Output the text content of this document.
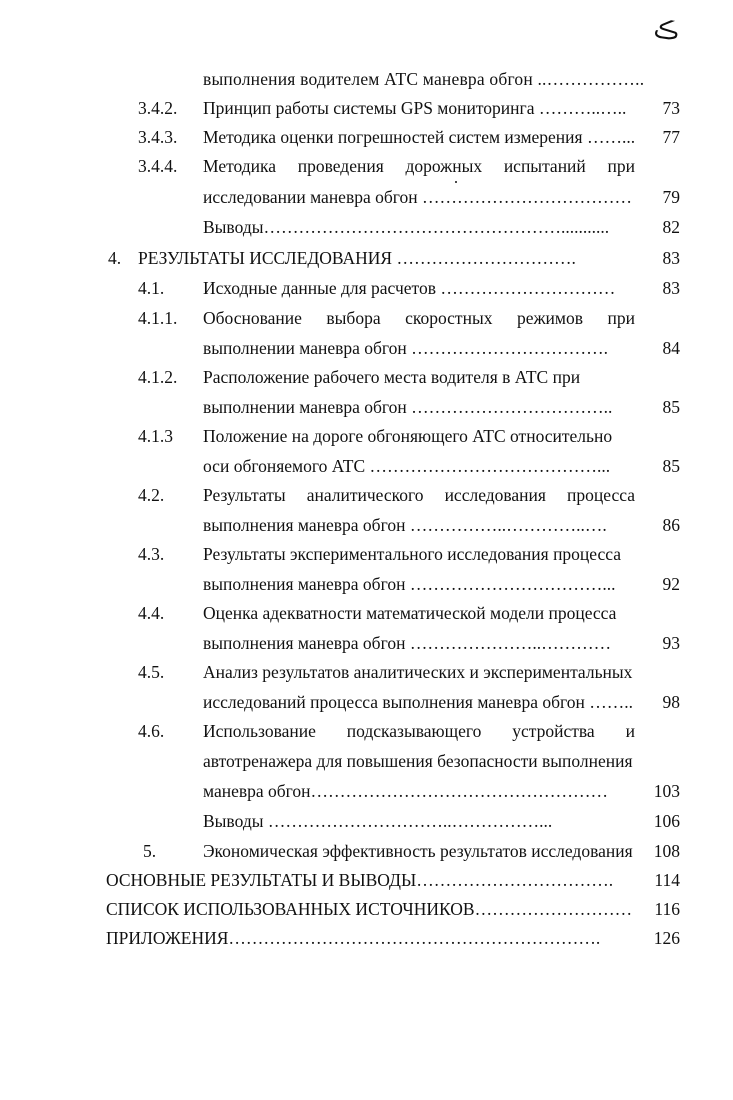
ڪ
выполнения водителем АТС маневра обгон ..……………..
3.4.2. Принцип работы системы GPS мониторинга ………..…..	73
3.4.3. Методика оценки погрешностей систем измерения ……...	77
3.4.4. Методика проведения дорожных испытаний при
исследовании маневра обгон ………………………………	79
Выводы……………………………………………...........	82
4. РЕЗУЛЬТАТЫ ИССЛЕДОВАНИЯ ………………………….	83
4.1. Исходные данные для расчетов …………………………	83
4.1.1. Обоснование выбора скоростных режимов при
выполнении маневра обгон …………………………….	84
4.1.2. Расположение рабочего места водителя в АТС при
выполнении маневра обгон ……………………………..	85
4.1.3 Положение на дороге обгоняющего АТС относительно
оси обгоняемого АТС …………………………………...	85
4.2. Результаты аналитического исследования процесса
выполнения маневра обгон ……………..…………..….	86
4.3. Результаты экспериментального исследования процесса
выполнения маневра обгон ……………………………...	92
4.4. Оценка адекватности математической модели процесса
выполнения маневра обгон …………………..…………	93
4.5. Анализ результатов аналитических и экспериментальных
исследований процесса выполнения маневра обгон ……..	98
4.6. Использование подсказывающего устройства и
автотренажера для повышения безопасности выполнения
маневра обгон……………………………………………	103
Выводы …………………………..……………...	106
5.	Экономическая эффективность результатов исследования	108
ОСНОВНЫЕ РЕЗУЛЬТАТЫ И ВЫВОДЫ…………………………….	114
СПИСОК ИСПОЛЬЗОВАННЫХ ИСТОЧНИКОВ………………………	116
ПРИЛОЖЕНИЯ……………………………………………………….	126
